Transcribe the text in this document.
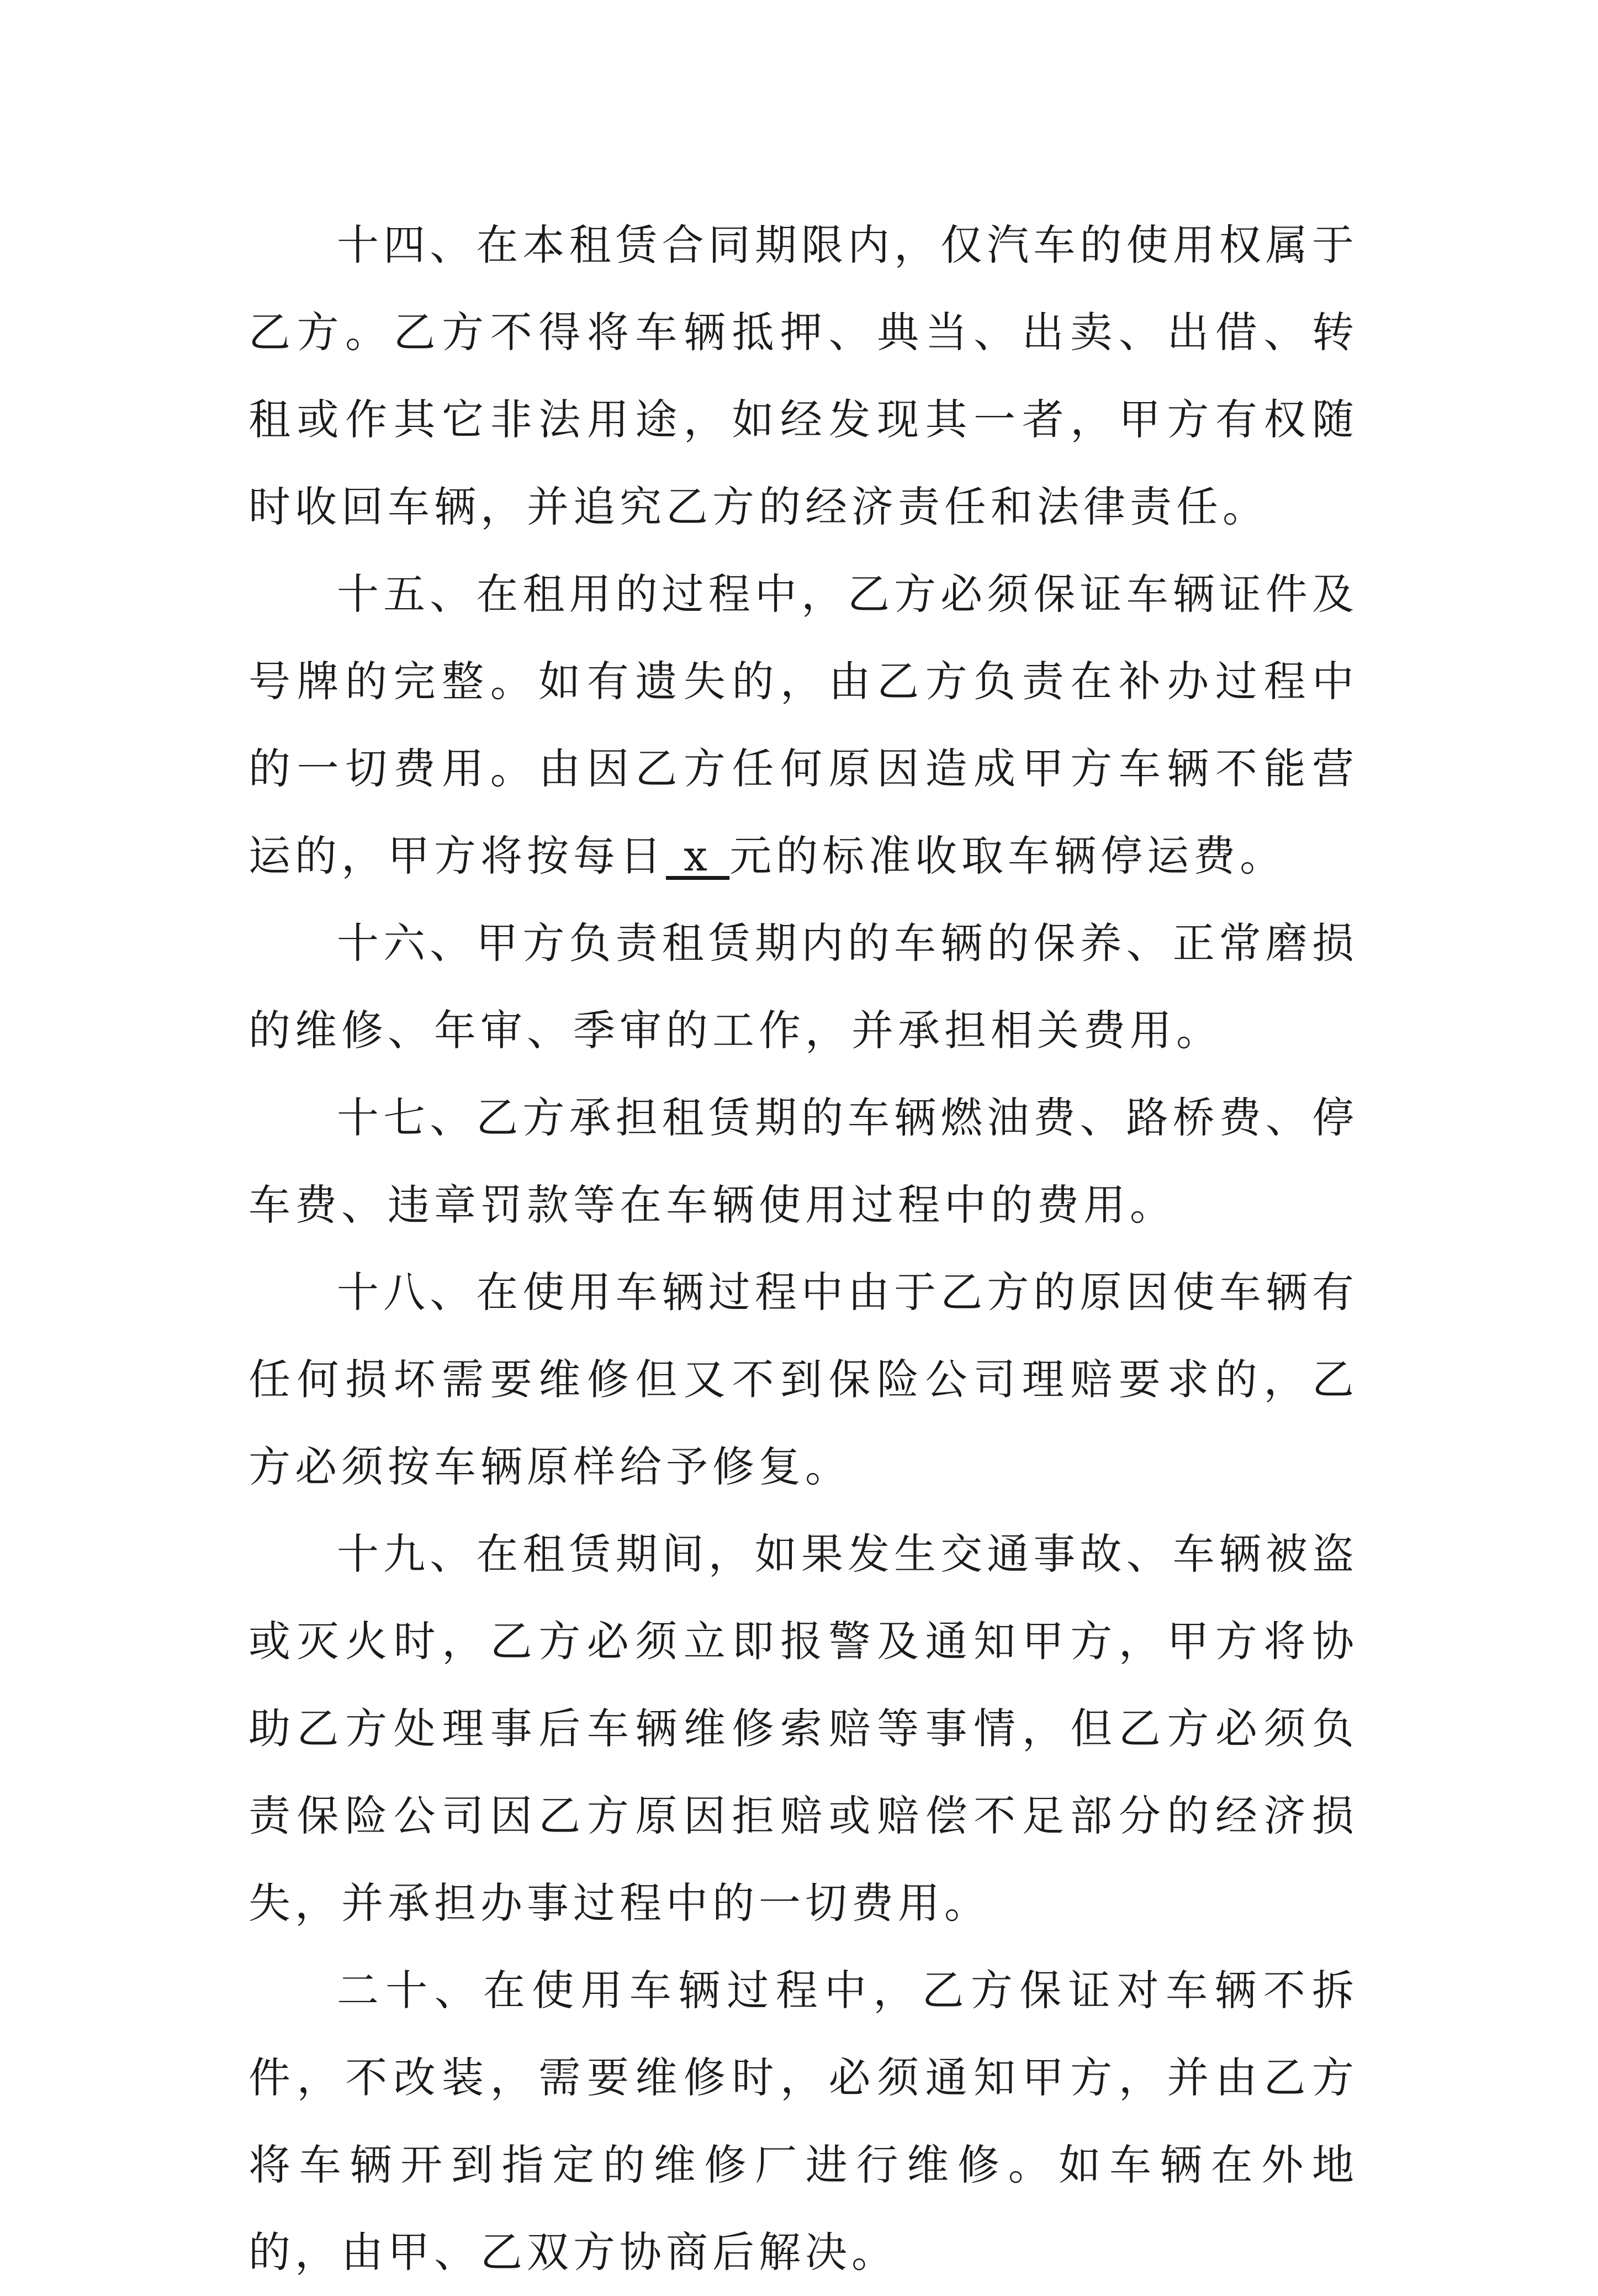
十四、在本租赁合同期限内，仅汽车的使用权属于乙方。乙方不得将车辆抵押、典当、出卖、出借、转租或作其它非法用途，如经发现其一者，甲方有权随时收回车辆，并追究乙方的经济责任和法律责任。

十五、在租用的过程中，乙方必须保证车辆证件及号牌的完整。如有遗失的，由乙方负责在补办过程中的一切费用。由因乙方任何原因造成甲方车辆不能营运的，甲方将按每日 x 元的标准收取车辆停运费。

十六、甲方负责租赁期内的车辆的保养、正常磨损的维修、年审、季审的工作，并承担相关费用。

十七、乙方承担租赁期的车辆燃油费、路桥费、停车费、违章罚款等在车辆使用过程中的费用。

十八、在使用车辆过程中由于乙方的原因使车辆有任何损坏需要维修但又不到保险公司理赔要求的，乙方必须按车辆原样给予修复。

十九、在租赁期间，如果发生交通事故、车辆被盗或灭火时，乙方必须立即报警及通知甲方，甲方将协助乙方处理事后车辆维修索赔等事情，但乙方必须负责保险公司因乙方原因拒赔或赔偿不足部分的经济损失，并承担办事过程中的一切费用。

二十、在使用车辆过程中，乙方保证对车辆不拆件，不改装，需要维修时，必须通知甲方，并由乙方将车辆开到指定的维修厂进行维修。如车辆在外地的，由甲、乙双方协商后解决。
